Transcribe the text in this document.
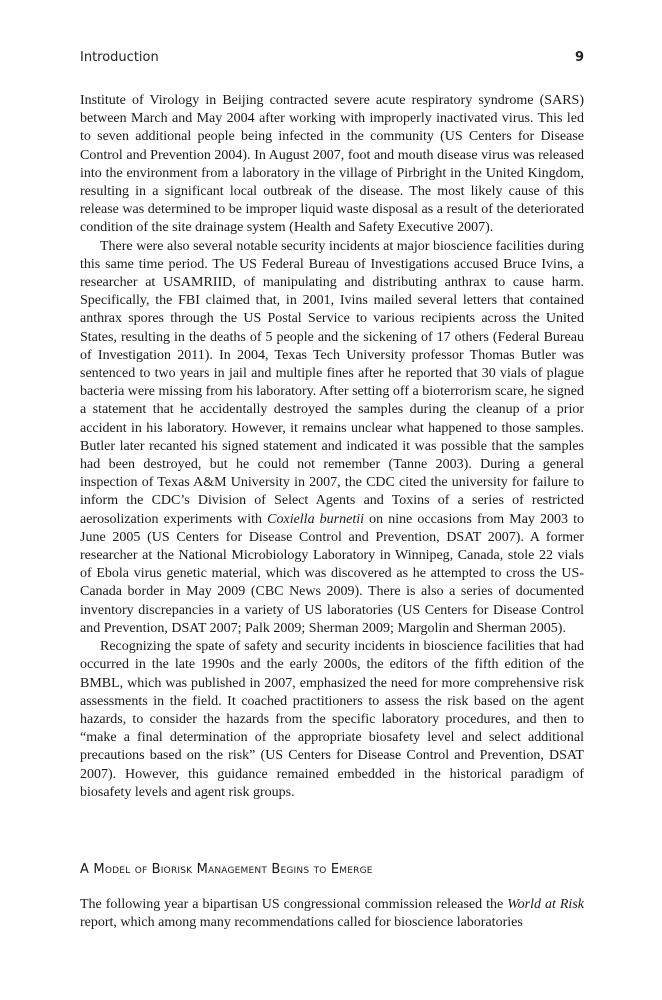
Introduction	9

Institute of Virology in Beijing contracted severe acute respiratory syndrome (SARS) between March and May 2004 after working with improperly inactivated virus. This led to seven additional people being infected in the community (US Centers for Disease Control and Prevention 2004). In August 2007, foot and mouth disease virus was released into the environment from a laboratory in the village of Pirbright in the United Kingdom, resulting in a significant local outbreak of the disease. The most likely cause of this release was determined to be improper liquid waste disposal as a result of the deteriorated condition of the site drainage system (Health and Safety Executive 2007).

There were also several notable security incidents at major bioscience facilities during this same time period. The US Federal Bureau of Investigations accused Bruce Ivins, a researcher at USAMRIID, of manipulating and distributing anthrax to cause harm. Specifically, the FBI claimed that, in 2001, Ivins mailed several letters that contained anthrax spores through the US Postal Service to various recipients across the United States, resulting in the deaths of 5 people and the sickening of 17 others (Federal Bureau of Investigation 2011). In 2004, Texas Tech University professor Thomas Butler was sentenced to two years in jail and multiple fines after he reported that 30 vials of plague bacteria were missing from his laboratory. After setting off a bioterrorism scare, he signed a statement that he accidentally destroyed the samples during the cleanup of a prior accident in his laboratory. However, it remains unclear what happened to those samples. Butler later recanted his signed statement and indicated it was possible that the samples had been destroyed, but he could not remember (Tanne 2003). During a general inspection of Texas A&M University in 2007, the CDC cited the university for failure to inform the CDC’s Division of Select Agents and Toxins of a series of restricted aerosolization experiments with Coxiella burnetii on nine occasions from May 2003 to June 2005 (US Centers for Disease Control and Prevention, DSAT 2007). A former researcher at the National Microbiology Laboratory in Winnipeg, Canada, stole 22 vials of Ebola virus genetic material, which was discovered as he attempted to cross the US-Canada border in May 2009 (CBC News 2009). There is also a series of documented inventory discrepancies in a variety of US laboratories (US Centers for Disease Control and Prevention, DSAT 2007; Palk 2009; Sherman 2009; Margolin and Sherman 2005).

Recognizing the spate of safety and security incidents in bioscience facilities that had occurred in the late 1990s and the early 2000s, the editors of the fifth edition of the BMBL, which was published in 2007, emphasized the need for more comprehensive risk assessments in the field. It coached practitioners to assess the risk based on the agent hazards, to consider the hazards from the specific laboratory procedures, and then to “make a final determination of the appropriate biosafety level and select additional precautions based on the risk” (US Centers for Disease Control and Prevention, DSAT 2007). However, this guidance remained embedded in the historical paradigm of biosafety levels and agent risk groups.

A Model of Biorisk Management Begins to Emerge

The following year a bipartisan US congressional commission released the World at Risk report, which among many recommendations called for bioscience laboratories
